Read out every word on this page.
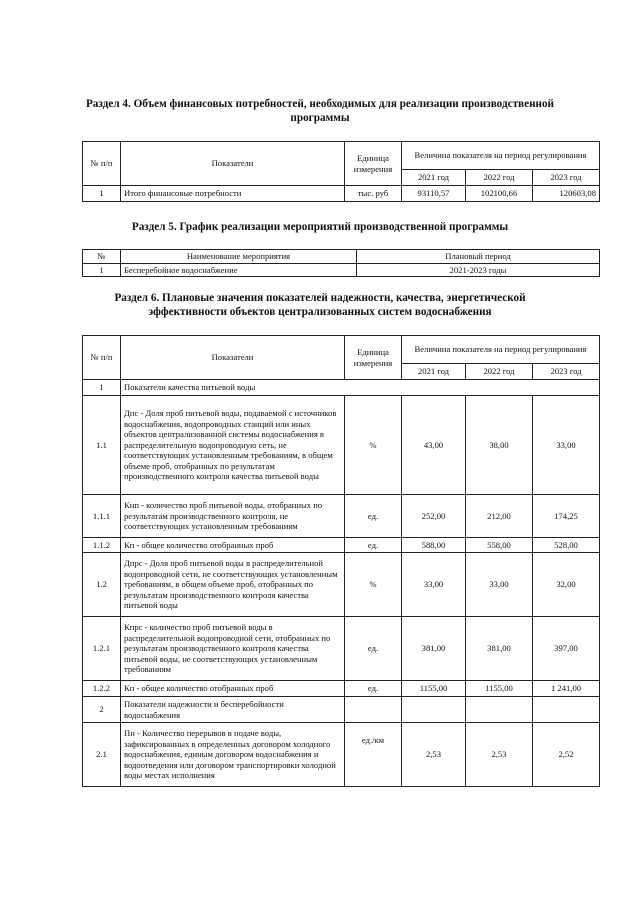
Раздел 4. Объем финансовых потребностей, необходимых для реализации производственной
программы
№ п/п	Показатели	Единица измерения	Величина показателя на период регулирования		
			2021 год	2022 год	2023 год
1	Итого финансовые потребности	тыс. руб	93110,57	102100,66	120603,08
Раздел 5. График реализации мероприятий производственной программы
№	Наименование мероприятия	Плановый период
1	Бесперебойное водоснабжение	2021-2023 годы
Раздел 6. Плановые значения показателей надежности, качества, энергетической
эффективности объектов централизованных систем водоснабжения
№ п/п	Показатели	Единица измерения	Величина показателя на период регулирования		
			2021 год	2022 год	2023 год
1	Показатели качества питьевой воды				
1.1	Дпс - Доля проб питьевой воды, подаваемой с источников водоснабжения, водопроводных станций или иных объектов централизованной системы водоснабжения в распределительную водопроводную сеть, не соответствующих установленным требованиям, в общем объеме проб, отобранных по результатам производственного контроля качества питьевой воды	%	43,00	38,00	33,00
1.1.1	Кнп - количество проб питьевой воды, отобранных по результатам производственного контроля, не соответствующих установленным требованиям	ед.	252,00	212,00	174,25
1.1.2	Кп - общее количество отобранных проб	ед.	588,00	558,00	528,00
1.2	Дпрс - Доля проб питьевой воды в распределительной водопроводной сети, не соответствующих установленным требованиям, в общем объеме проб, отобранных по результатам производственного контроля качества питьевой воды	%	33,00	33,00	32,00
1.2.1	Кпрс - количество проб питьевой воды в распределительной водопроводной сети, отобранных по результатам производственного контроля качества питьевой воды, не соответствующих установленным требованиям	ед.	381,00	381,00	397,00
1.2.2	Кп - общее количество отобранных проб	ед.	1155,00	1155,00	1 241,00
2	Показатели надежности и бесперебойности водоснабжения				
2.1	Пн - Количество перерывов в подаче воды, зафиксированных в определенных договором холодного водоснабжения, единым договором водоснабжения и водоотведения или договором транспортировки холодной воды местах исполнения	ед./км	2,53	2,53	2,52
